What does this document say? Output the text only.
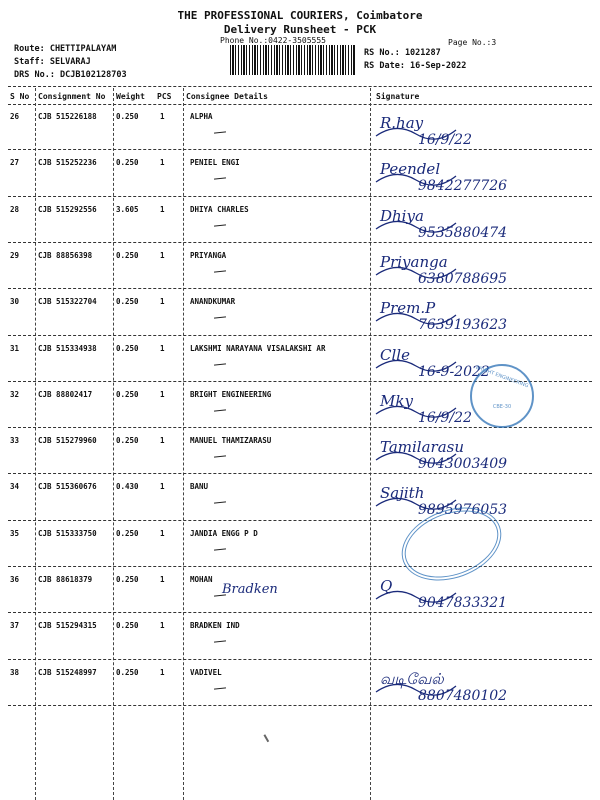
THE PROFESSIONAL COURIERS, Coimbatore
Delivery Runsheet - PCK
Phone No.:0422-3505555	Page No.:3
Route: CHETTIPALAYAM
Staff: SELVARAJ
DRS No.: DCJB102128703
RS No.: 1021287
RS Date: 16-Sep-2022
S No Consignment No Weight PCS Consignee Details	Signature
26	CJB 515226188	0.250	1	ALPHA	R.hay
16/9/22
27	CJB 515252236	0.250	1	PENIEL ENGI	Peendel
9842277726
28	CJB 515292556	3.605	1	DHIYA CHARLES	Dhiya
9535880474
29	CJB 88856398	0.250	1	PRIYANGA	Priyanga
6380788695
30	CJB 515322704	0.250	1	ANANDKUMAR	Prem.P
7639193623
31	CJB 515334938	0.250	1	LAKSHMI NARAYANA VISALAKSHI AR	Clle
16-9-2022
32	CJB 88802417	0.250	1	BRIGHT ENGINEERING	Mky
16/9/22
33	CJB 515279960	0.250	1	MANUEL THAMIZARASU	Tamilarasu
9043003409
34	CJB 515360676	0.430	1	BANU	Sajith
9895976053
35	CJB 515333750	0.250	1	JANDIA ENGG P D
36	CJB 88618379	0.250	1	MOHAN
Bradken	Q
9047833321
37	CJB 515294315	0.250	1	BRADKEN IND
38	CJB 515248997	0.250	1	VADIVEL	வடிவேல்
8807480102
BRIGHT ENGINEERING
CBE-30
